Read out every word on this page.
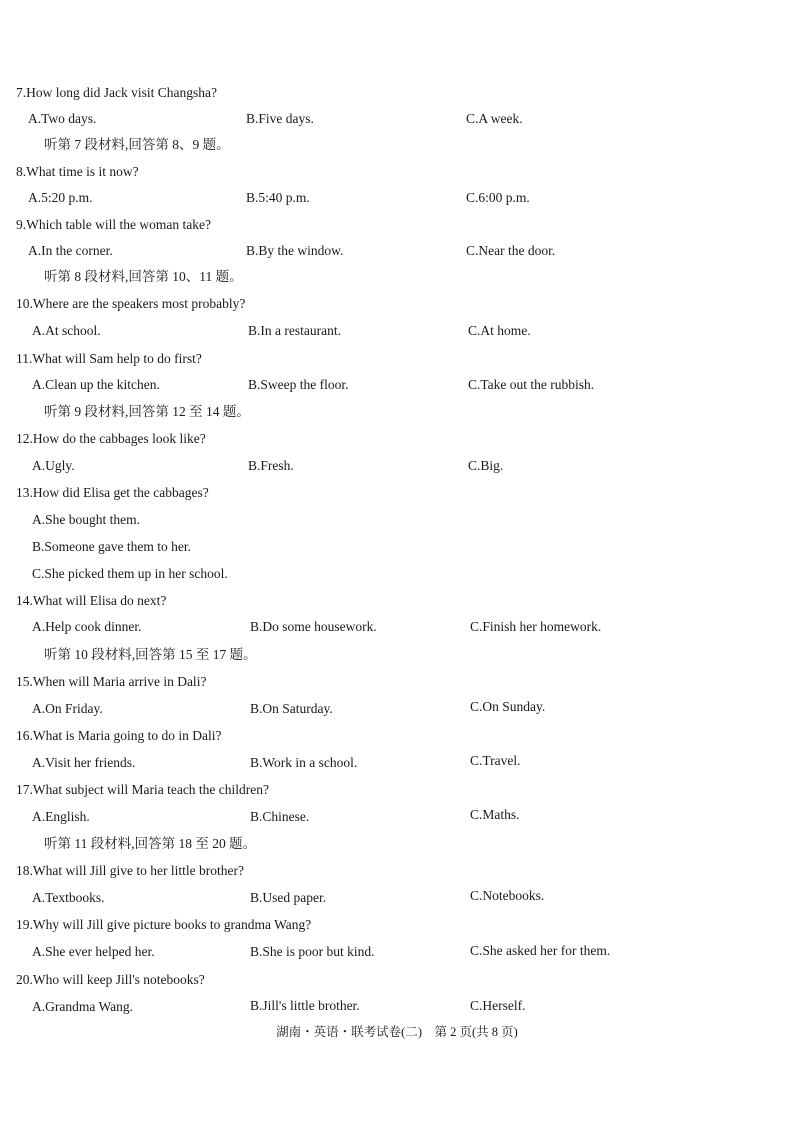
7.How long did Jack visit Changsha?
A.Two days.	B.Five days.	C.A week.
听第 7 段材料,回答第 8、9 题。
8.What time is it now?
A.5:20 p.m.	B.5:40 p.m.	C.6:00 p.m.
9.Which table will the woman take?
A.In the corner.	B.By the window.	C.Near the door.
听第 8 段材料,回答第 10、11 题。
10.Where are the speakers most probably?
A.At school.	B.In a restaurant.	C.At home.
11.What will Sam help to do first?
A.Clean up the kitchen.	B.Sweep the floor.	C.Take out the rubbish.
听第 9 段材料,回答第 12 至 14 题。
12.How do the cabbages look like?
A.Ugly.	B.Fresh.	C.Big.
13.How did Elisa get the cabbages?
A.She bought them.
B.Someone gave them to her.
C.She picked them up in her school.
14.What will Elisa do next?
A.Help cook dinner.	B.Do some housework.	C.Finish her homework.
听第 10 段材料,回答第 15 至 17 题。
15.When will Maria arrive in Dali?
A.On Friday.	B.On Saturday.	C.On Sunday.
16.What is Maria going to do in Dali?
A.Visit her friends.	B.Work in a school.	C.Travel.
17.What subject will Maria teach the children?
A.English.	B.Chinese.	C.Maths.
听第 11 段材料,回答第 18 至 20 题。
18.What will Jill give to her little brother?
A.Textbooks.	B.Used paper.	C.Notebooks.
19.Why will Jill give picture books to grandma Wang?
A.She ever helped her.	B.She is poor but kind.	C.She asked her for them.
20.Who will keep Jill's notebooks?
A.Grandma Wang.	B.Jill's little brother.	C.Herself.
湖南・英语・联考试卷(二)　第 2 页(共 8 页)
